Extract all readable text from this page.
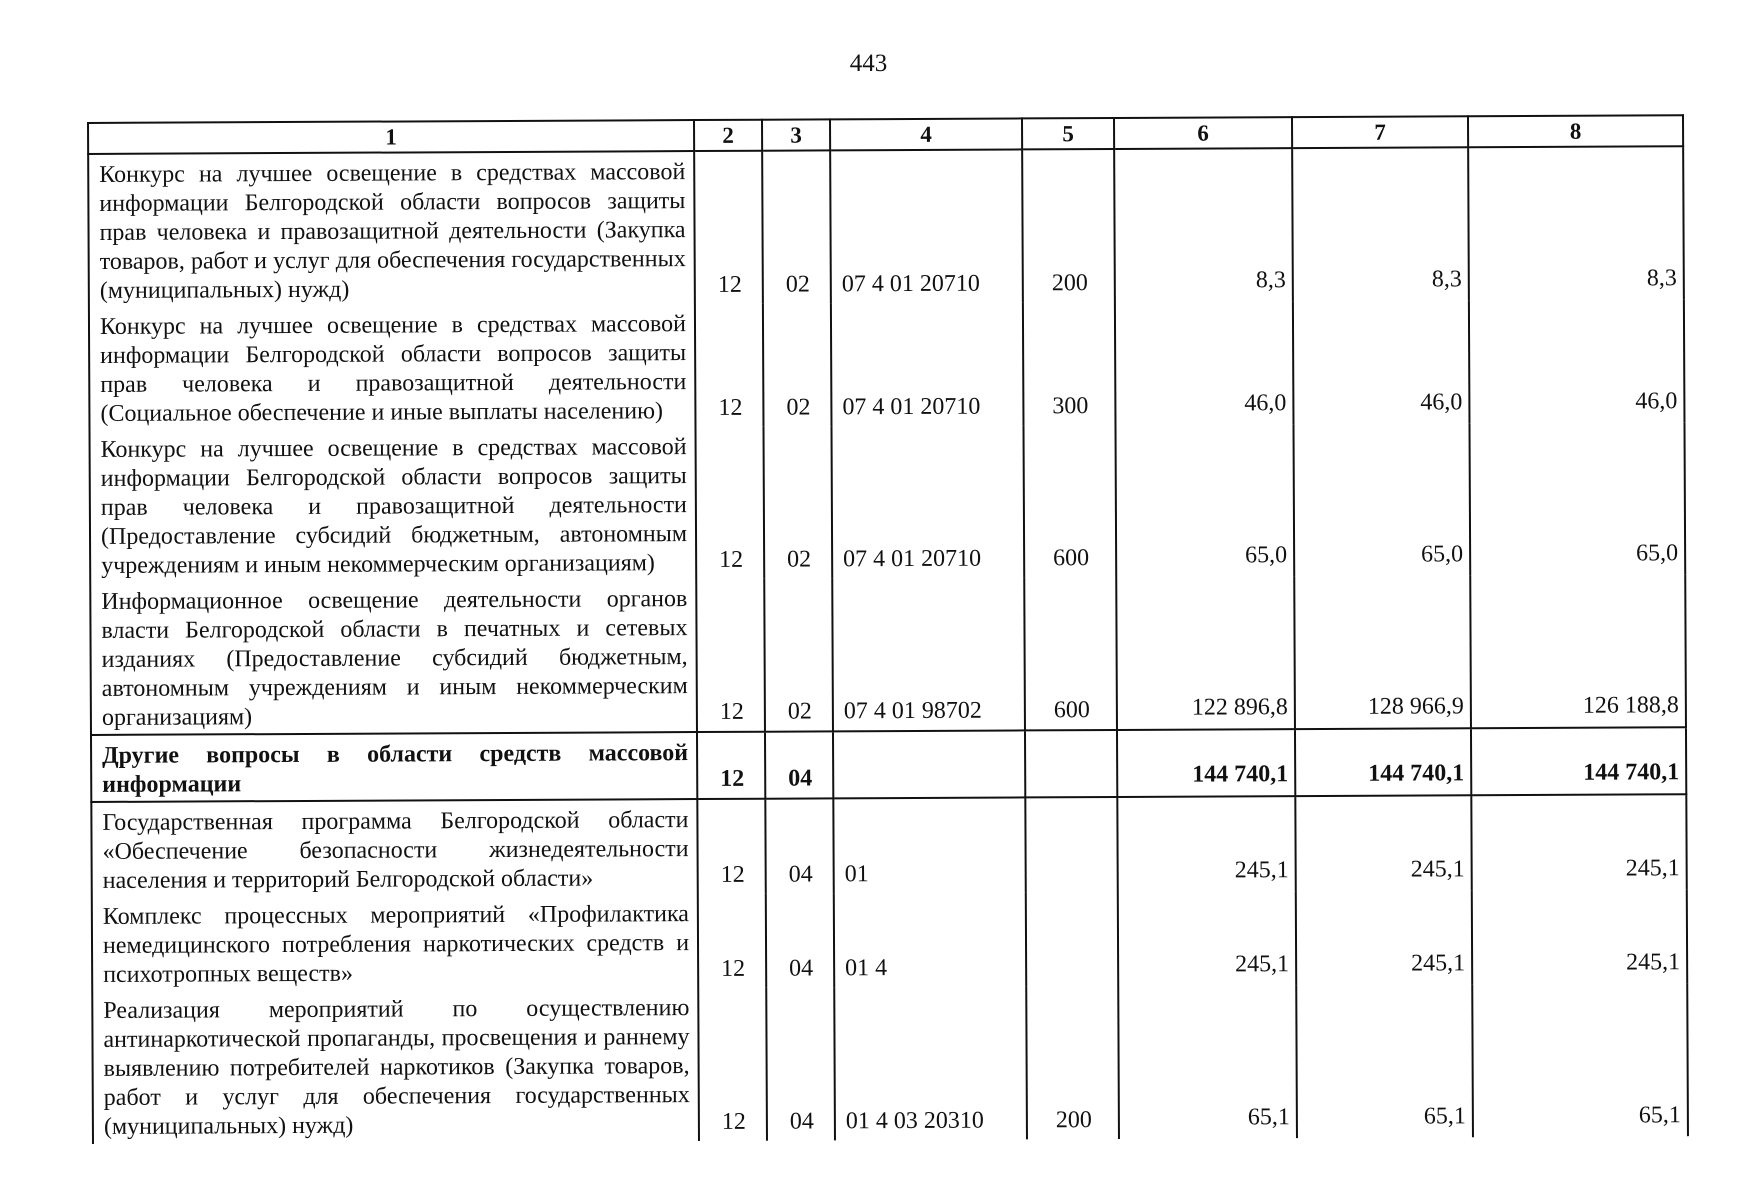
443
1	2	3	4	5	6	7	8
Конкурс на лучшее освещение в средствах массовой информации Белгородской области вопросов защиты прав человека и правозащитной деятельности (Закупка товаров, работ и услуг для обеспечения государственных (муниципальных) нужд)	12	02	07 4 01 20710	200	8,3	8,3	8,3
Конкурс на лучшее освещение в средствах массовой информации Белгородской области вопросов защиты прав человека и правозащитной деятельности (Социальное обеспечение и иные выплаты населению)	12	02	07 4 01 20710	300	46,0	46,0	46,0
Конкурс на лучшее освещение в средствах массовой информации Белгородской области вопросов защиты прав человека и правозащитной деятельности (Предоставление субсидий бюджетным, автономным учреждениям и иным некоммерческим организациям)	12	02	07 4 01 20710	600	65,0	65,0	65,0
Информационное освещение деятельности органов власти Белгородской области в печатных и сетевых изданиях (Предоставление субсидий бюджетным, автономным учреждениям и иным некоммерческим организациям)	12	02	07 4 01 98702	600	122 896,8	128 966,9	126 188,8
Другие вопросы в области средств массовой информации	12	04			144 740,1	144 740,1	144 740,1
Государственная программа Белгородской области «Обеспечение безопасности жизнедеятельности населения и территорий Белгородской области»	12	04	01		245,1	245,1	245,1
Комплекс процессных мероприятий «Профилактика немедицинского потребления наркотических средств и психотропных веществ»	12	04	01 4		245,1	245,1	245,1
Реализация мероприятий по осуществлению антинаркотической пропаганды, просвещения и раннему выявлению потребителей наркотиков (Закупка товаров, работ и услуг для обеспечения государственных (муниципальных) нужд)	12	04	01 4 03 20310	200	65,1	65,1	65,1
